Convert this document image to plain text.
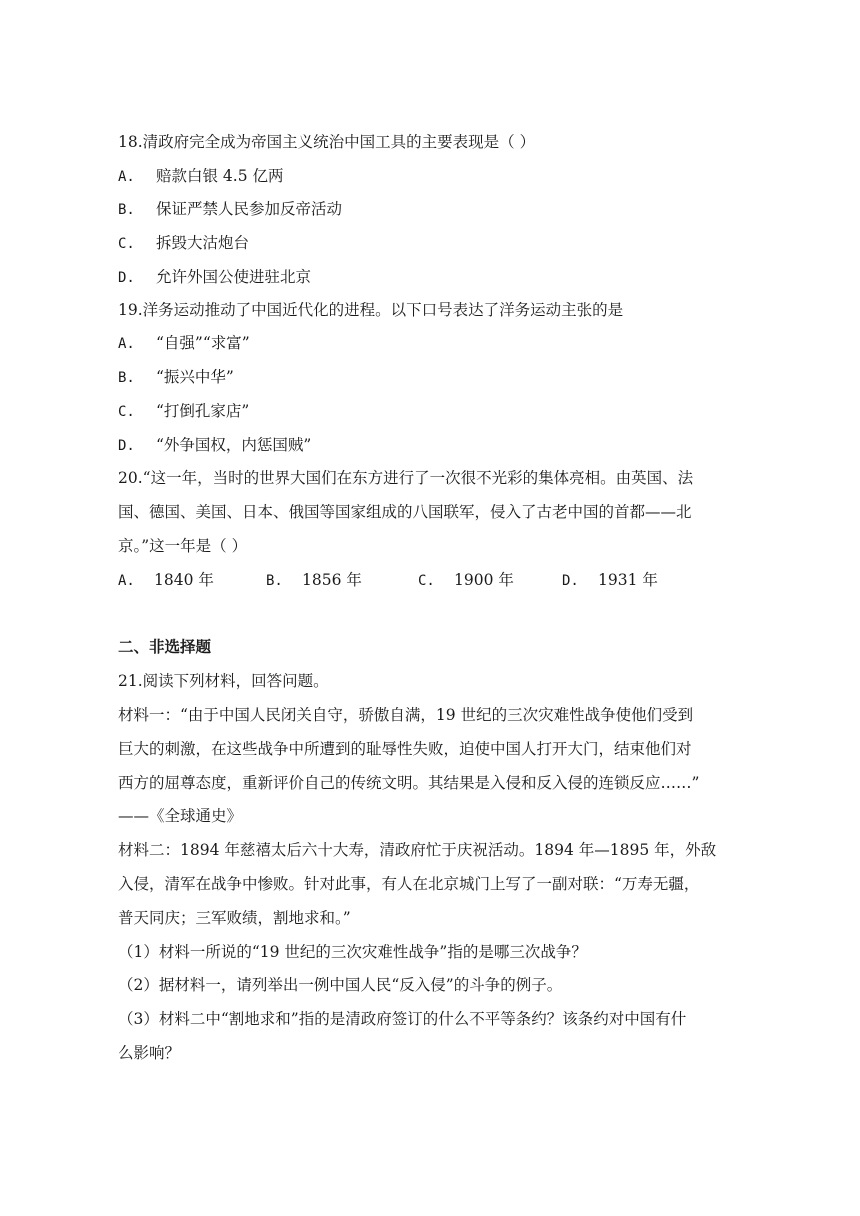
18.清政府完全成为帝国主义统治中国工具的主要表现是（ ）
A. 赔款白银 4.5 亿两
B. 保证严禁人民参加反帝活动
C. 拆毁大沽炮台
D. 允许外国公使进驻北京
19.洋务运动推动了中国近代化的进程。以下口号表达了洋务运动主张的是
A. “自强”“求富”
B. “振兴中华”
C. “打倒孔家店”
D. “外争国权，内惩国贼”
20.“这一年，当时的世界大国们在东方进行了一次很不光彩的集体亮相。由英国、法
国、德国、美国、日本、俄国等国家组成的八国联军，侵入了古老中国的首都——北
京。”这一年是（ ）
A. 1840 年	B. 1856 年	C. 1900 年	D. 1931 年
二、非选择题
21.阅读下列材料，回答问题。
材料一：“由于中国人民闭关自守，骄傲自满，19 世纪的三次灾难性战争使他们受到
巨大的刺激，在这些战争中所遭到的耻辱性失败，迫使中国人打开大门，结束他们对
西方的屈尊态度，重新评价自己的传统文明。其结果是入侵和反入侵的连锁反应……”
——《全球通史》
材料二：1894 年慈禧太后六十大寿，清政府忙于庆祝活动。1894 年—1895 年，外敌
入侵，清军在战争中惨败。针对此事，有人在北京城门上写了一副对联：“万寿无疆，
普天同庆；三军败绩，割地求和。”
（1）材料一所说的“19 世纪的三次灾难性战争”指的是哪三次战争？
（2）据材料一，请列举出一例中国人民“反入侵”的斗争的例子。
（3）材料二中“割地求和”指的是清政府签订的什么不平等条约？该条约对中国有什
么影响？
